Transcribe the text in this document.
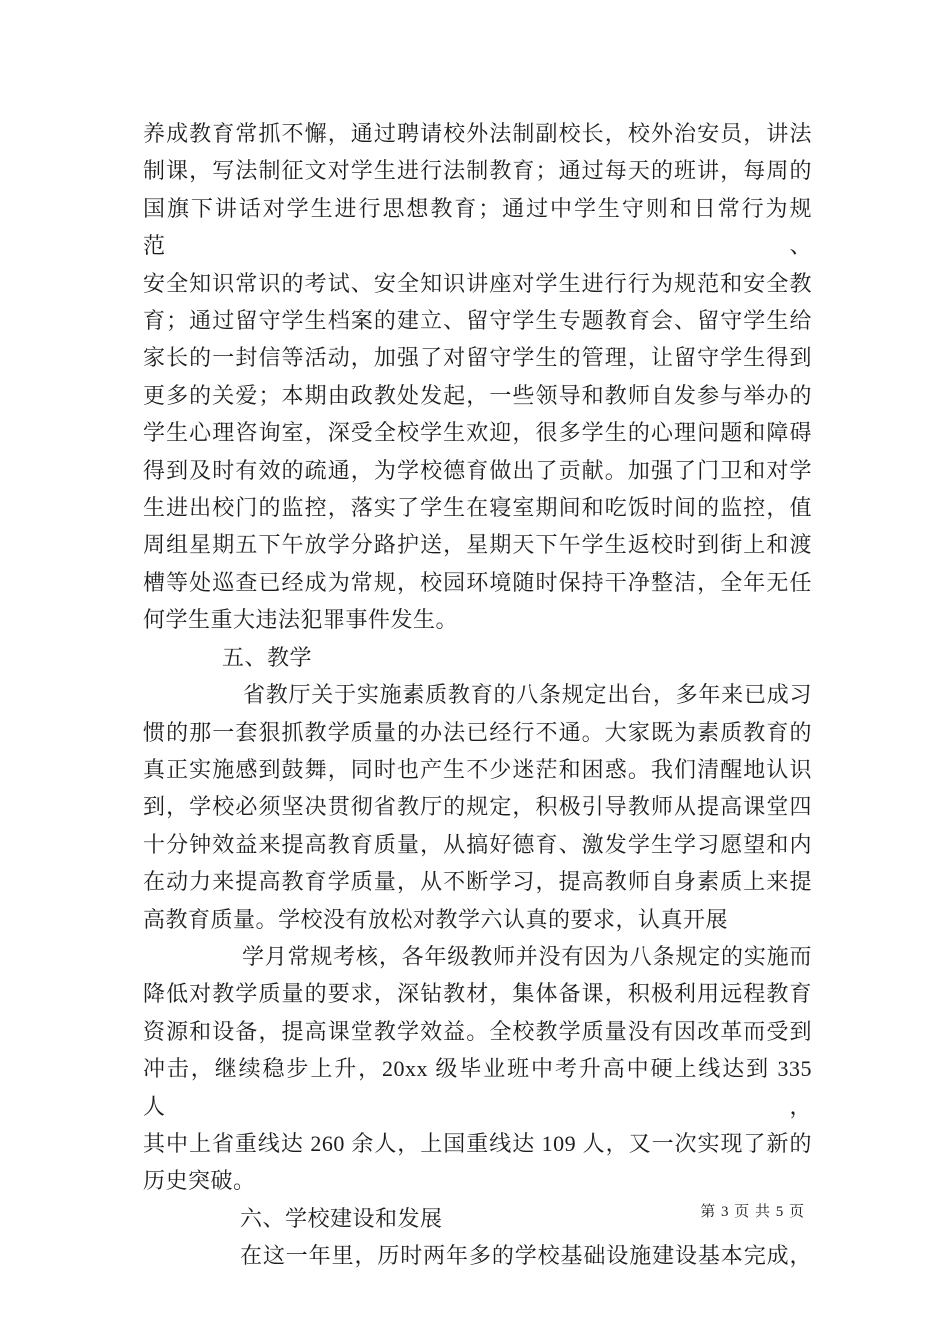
养成教育常抓不懈，通过聘请校外法制副校长，校外治安员，讲法
制课，写法制征文对学生进行法制教育；通过每天的班讲，每周的
国旗下讲话对学生进行思想教育；通过中学生守则和日常行为规范、
安全知识常识的考试、安全知识讲座对学生进行行为规范和安全教
育；通过留守学生档案的建立、留守学生专题教育会、留守学生给
家长的一封信等活动，加强了对留守学生的管理，让留守学生得到
更多的关爱；本期由政教处发起，一些领导和教师自发参与举办的
学生心理咨询室，深受全校学生欢迎，很多学生的心理问题和障碍
得到及时有效的疏通，为学校德育做出了贡献。加强了门卫和对学
生进出校门的监控，落实了学生在寝室期间和吃饭时间的监控，值
周组星期五下午放学分路护送，星期天下午学生返校时到街上和渡
槽等处巡查已经成为常规，校园环境随时保持干净整洁，全年无任
何学生重大违法犯罪事件发生。
五、教学
省教厅关于实施素质教育的八条规定出台，多年来已成习
惯的那一套狠抓教学质量的办法已经行不通。大家既为素质教育的
真正实施感到鼓舞，同时也产生不少迷茫和困惑。我们清醒地认识
到，学校必须坚决贯彻省教厅的规定，积极引导教师从提高课堂四
十分钟效益来提高教育质量，从搞好德育、激发学生学习愿望和内
在动力来提高教育学质量，从不断学习，提高教师自身素质上来提
高教育质量。学校没有放松对教学六认真的要求，认真开展
学月常规考核，各年级教师并没有因为八条规定的实施而
降低对教学质量的要求，深钻教材，集体备课，积极利用远程教育
资源和设备，提高课堂教学效益。全校教学质量没有因改革而受到
冲击，继续稳步上升，20xx 级毕业班中考升高中硬上线达到 335 人，
其中上省重线达 260 余人，上国重线达 109 人，又一次实现了新的
历史突破。
六、学校建设和发展
在这一年里，历时两年多的学校基础设施建设基本完成，
第 3 页 共 5 页
